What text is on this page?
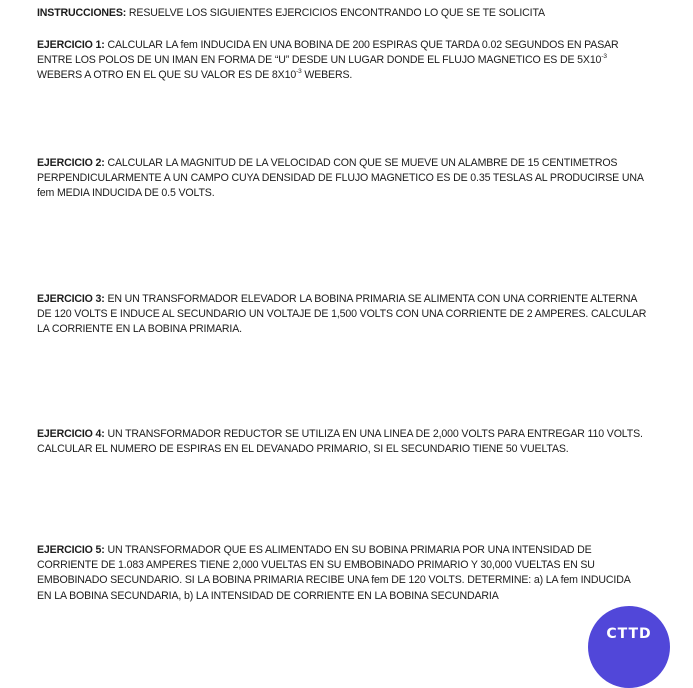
INSTRUCCIONES: RESUELVE LOS SIGUIENTES EJERCICIOS ENCONTRANDO LO QUE SE TE SOLICITA

EJERCICIO 1: CALCULAR LA fem INDUCIDA EN UNA BOBINA DE 200 ESPIRAS QUE TARDA 0.02 SEGUNDOS EN PASAR
ENTRE LOS POLOS DE UN IMAN EN FORMA DE “U” DESDE UN LUGAR DONDE EL FLUJO MAGNETICO ES DE $5X10^{-3}$
WEBERS A OTRO EN EL QUE SU VALOR ES DE $8X10^{-3}$ WEBERS.

EJERCICIO 2: CALCULAR LA MAGNITUD DE LA VELOCIDAD CON QUE SE MUEVE UN ALAMBRE DE 15 CENTIMETROS
PERPENDICULARMENTE A UN CAMPO CUYA DENSIDAD DE FLUJO MAGNETICO ES DE 0.35 TESLAS AL PRODUCIRSE UNA
fem MEDIA INDUCIDA DE 0.5 VOLTS.

EJERCICIO 3: EN UN TRANSFORMADOR ELEVADOR LA BOBINA PRIMARIA SE ALIMENTA CON UNA CORRIENTE ALTERNA
DE 120 VOLTS E INDUCE AL SECUNDARIO UN VOLTAJE DE 1,500 VOLTS CON UNA CORRIENTE DE 2 AMPERES. CALCULAR
LA CORRIENTE EN LA BOBINA PRIMARIA.

EJERCICIO 4: UN TRANSFORMADOR REDUCTOR SE UTILIZA EN UNA LINEA DE 2,000 VOLTS PARA ENTREGAR 110 VOLTS.
CALCULAR EL NUMERO DE ESPIRAS EN EL DEVANADO PRIMARIO, SI EL SECUNDARIO TIENE 50 VUELTAS.

EJERCICIO 5: UN TRANSFORMADOR QUE ES ALIMENTADO EN SU BOBINA PRIMARIA POR UNA INTENSIDAD DE
CORRIENTE DE 1.083 AMPERES TIENE 2,000 VUELTAS EN SU EMBOBINADO PRIMARIO Y 30,000 VUELTAS EN SU
EMBOBINADO SECUNDARIO. SI LA BOBINA PRIMARIA RECIBE UNA fem DE 120 VOLTS. DETERMINE: a) LA fem INDUCIDA
EN LA BOBINA SECUNDARIA, b) LA INTENSIDAD DE CORRIENTE EN LA BOBINA SECUNDARIA

CTTD
